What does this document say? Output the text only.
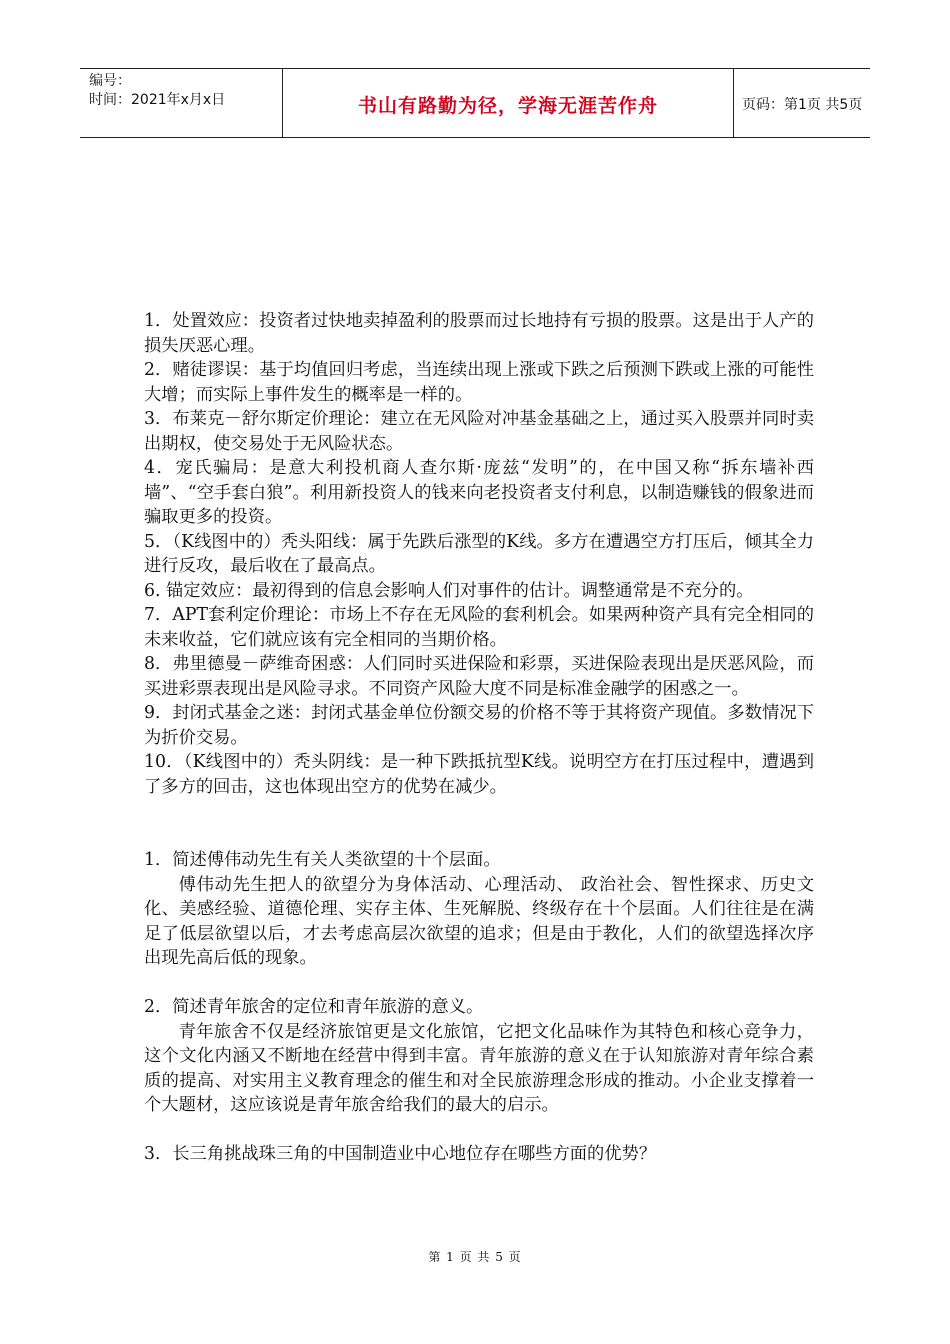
编号：
时间：2021年x月x日	书山有路勤为径，学海无涯苦作舟	页码：第1页 共5页

1．处置效应：投资者过快地卖掉盈利的股票而过长地持有亏损的股票。这是出于人产的损失厌恶心理。

2．赌徒谬误：基于均值回归考虑，当连续出现上涨或下跌之后预测下跌或上涨的可能性大增；而实际上事件发生的概率是一样的。

3．布莱克－舒尔斯定价理论：建立在无风险对冲基金基础之上，通过买入股票并同时卖出期权，使交易处于无风险状态。

4．宠氏骗局：是意大利投机商人查尔斯·庞兹“发明”的，在中国又称“拆东墙补西墙”、“空手套白狼”。利用新投资人的钱来向老投资者支付利息，以制造赚钱的假象进而骗取更多的投资。

5．（K线图中的）秃头阳线：属于先跌后涨型的K线。多方在遭遇空方打压后，倾其全力进行反攻，最后收在了最高点。

6. 锚定效应：最初得到的信息会影响人们对事件的估计。调整通常是不充分的。

7．APT套利定价理论：市场上不存在无风险的套利机会。如果两种资产具有完全相同的未来收益，它们就应该有完全相同的当期价格。

8．弗里德曼－萨维奇困惑：人们同时买进保险和彩票，买进保险表现出是厌恶风险，而买进彩票表现出是风险寻求。不同资产风险大度不同是标准金融学的困惑之一。

9．封闭式基金之迷：封闭式基金单位份额交易的价格不等于其将资产现值。多数情况下为折价交易。

10．（K线图中的）秃头阴线：是一种下跌抵抗型K线。说明空方在打压过程中，遭遇到了多方的回击，这也体现出空方的优势在减少。

1．简述傅伟动先生有关人类欲望的十个层面。

傅伟动先生把人的欲望分为身体活动、心理活动、 政治社会、智性探求、历史文化、美感经验、道德伦理、实存主体、生死解脱、终级存在十个层面。人们往往是在满足了低层欲望以后，才去考虑高层次欲望的追求；但是由于教化，人们的欲望选择次序出现先高后低的现象。

2．简述青年旅舍的定位和青年旅游的意义。

青年旅舍不仅是经济旅馆更是文化旅馆，它把文化品味作为其特色和核心竞争力，这个文化内涵又不断地在经营中得到丰富。青年旅游的意义在于认知旅游对青年综合素质的提高、对实用主义教育理念的催生和对全民旅游理念形成的推动。小企业支撑着一个大题材，这应该说是青年旅舍给我们的最大的启示。

3．长三角挑战珠三角的中国制造业中心地位存在哪些方面的优势？

第 1 页 共 5 页
